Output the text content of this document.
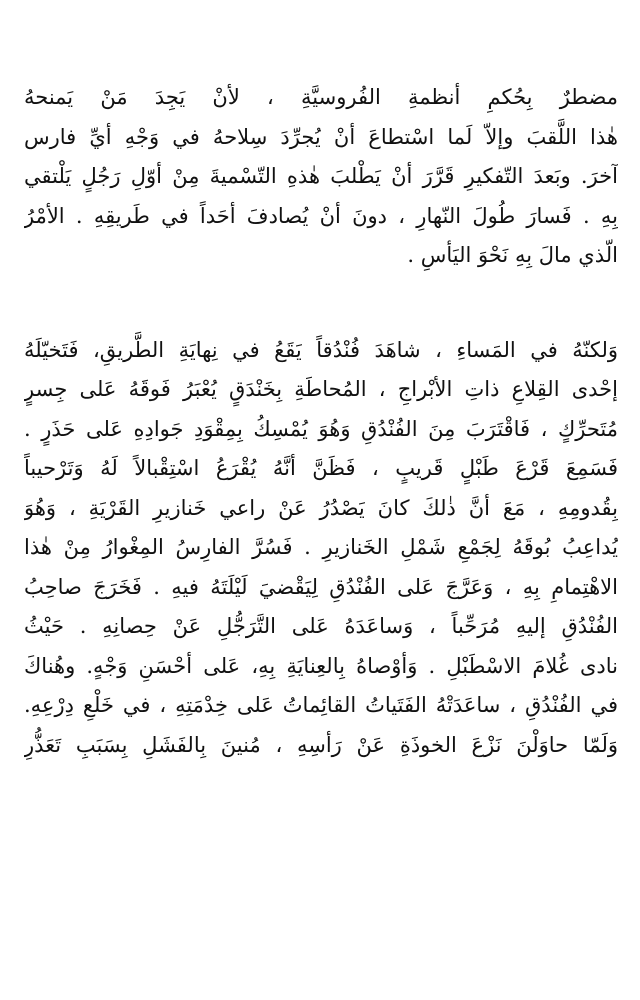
مضطرٌ بِحُكمِ أنظمةِ الفُروسيَّةِ ، لأنْ يَجِدَ مَنْ يَمنحهُ
هٰذا اللَّقبَ وإلاّ لَما اسْتطاعَ أنْ يُجرِّدَ سِلاحهُ في وَجْهِ أيِّ فارس
آخرَ. وبَعدَ التّفكيرِ قَرَّرَ أنْ يَطْلبَ هٰذهِ التّسْميةَ مِنْ أوّلِ رَجُلٍ يَلْتقي
بِهِ . فَسارَ طُولَ النّهارِ ، دونَ أنْ يُصادفَ أحَداً في طَريقِهِ . الأمْرُ
الّذي مالَ بِهِ نَحْوَ اليَأسِ .
وَلكنّهُ في المَساءِ ، شاهَدَ فُنْدُقاً يَقَعُ في نِهايَةِ الطَّريقِ، فَتَخيّلَهُ
إحْدى القِلاعِ ذاتِ الأبْراجِ ، المُحاطَةِ بِخَنْدَقٍ يُعْبَرُ فَوقَهُ عَلى جِسرٍ
مُتَحرِّكٍ ، فَاقْتَرَبَ مِنَ الفُنْدُقِ وَهُوَ يُمْسِكُ بِمِقْوَدِ جَوادِهِ عَلى حَذَرٍ .
فَسَمِعَ قَرْعَ طَبْلٍ قَريبٍ ، فَظَنَّ أنَّهُ يُقْرَعُ اسْتِقْبالاً لَهُ وَتَرْحيباً
بِقُدومِهِ ، مَعَ أنَّ ذٰلكَ كانَ يَصْدُرُ عَنْ راعي خَنازيرِ القَرْيَةِ ، وَهُوَ
يُداعِبُ بُوقَهُ لِجَمْعِ شَمْلِ الخَنازيرِ . فَسُرَّ الفارِسُ المِغْوارُ مِنْ هٰذا
الاهْتِمامِ بِهِ ، وَعَرَّجَ عَلى الفُنْدُقِ لِيَقْضيَ لَيْلَتَهُ فيهِ . فَخَرَجَ صاحِبُ
الفُنْدُقِ إليهِ مُرَحِّباً ، وَساعَدَهُ عَلى التَّرَجُّلِ عَنْ حِصانِهِ . حَيْثُ
نادى غُلامَ الاسْطَبْلِ . وَأوْصاهُ بِالعِنايَةِ بِهِ، عَلى أحْسَنِ وَجْهٍ. وهُناكَ
في الفُنْدُقِ ، ساعَدَتْهُ الفَتَياتُ القائِماتُ عَلى خِدْمَتِهِ ، في خَلْعِ دِرْعِهِ.
وَلَمّا حاوَلْنَ نَزْعَ الخوذَةِ عَنْ رَأسِهِ ، مُنينَ بِالفَشَلِ بِسَبَبِ تَعَذُّرِ
